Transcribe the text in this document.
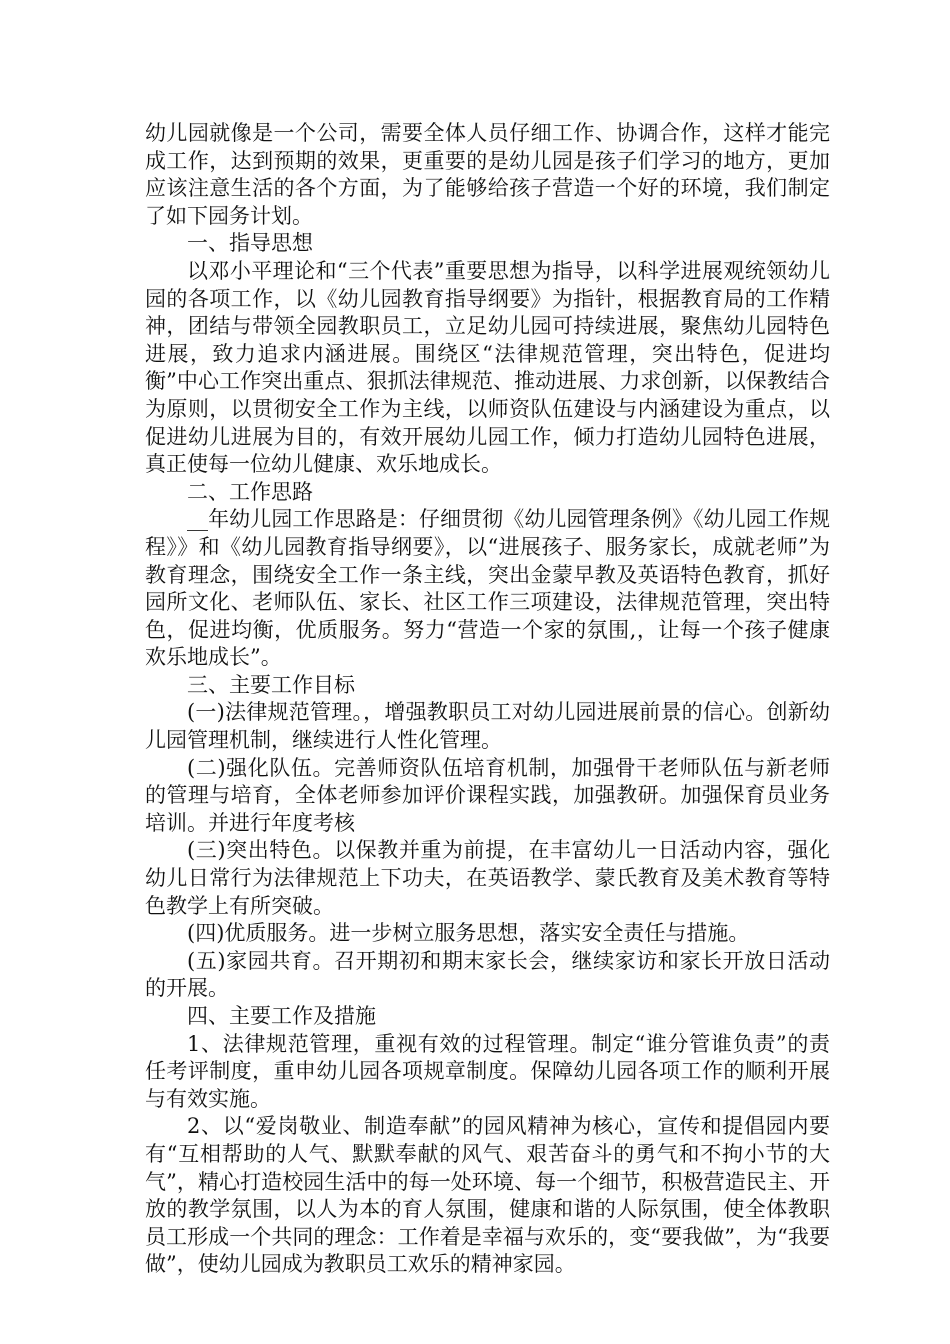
幼儿园就像是一个公司，需要全体人员仔细工作、协调合作，这样才能完成工作，达到预期的效果，更重要的是幼儿园是孩子们学习的地方，更加应该注意生活的各个方面，为了能够给孩子营造一个好的环境，我们制定了如下园务计划。

一、指导思想

以邓小平理论和“三个代表”重要思想为指导，以科学进展观统领幼儿园的各项工作，以《幼儿园教育指导纲要》为指针，根据教育局的工作精神，团结与带领全园教职员工，立足幼儿园可持续进展，聚焦幼儿园特色进展，致力追求内涵进展。围绕区“法律规范管理，突出特色，促进均衡”中心工作突出重点、狠抓法律规范、推动进展、力求创新，以保教结合为原则，以贯彻安全工作为主线，以师资队伍建设与内涵建设为重点，以促进幼儿进展为目的，有效开展幼儿园工作，倾力打造幼儿园特色进展，真正使每一位幼儿健康、欢乐地成长。

二、工作思路

__年幼儿园工作思路是：仔细贯彻《幼儿园管理条例》《幼儿园工作规程》》和《幼儿园教育指导纲要》，以“进展孩子、服务家长，成就老师”为教育理念，围绕安全工作一条主线，突出金蒙早教及英语特色教育，抓好园所文化、老师队伍、家长、社区工作三项建设，法律规范管理，突出特色，促进均衡，优质服务。努力“营造一个家的氛围,，让每一个孩子健康欢乐地成长”。

三、主要工作目标

(一)法律规范管理。，增强教职员工对幼儿园进展前景的信心。创新幼儿园管理机制，继续进行人性化管理。

(二)强化队伍。完善师资队伍培育机制，加强骨干老师队伍与新老师的管理与培育，全体老师参加评价课程实践，加强教研。加强保育员业务培训。并进行年度考核

(三)突出特色。以保教并重为前提，在丰富幼儿一日活动内容，强化幼儿日常行为法律规范上下功夫，在英语教学、蒙氏教育及美术教育等特色教学上有所突破。

(四)优质服务。进一步树立服务思想，落实安全责任与措施。

(五)家园共育。召开期初和期末家长会，继续家访和家长开放日活动的开展。

四、主要工作及措施

1、法律规范管理，重视有效的过程管理。制定“谁分管谁负责”的责任考评制度，重申幼儿园各项规章制度。保障幼儿园各项工作的顺利开展与有效实施。

2、以“爱岗敬业、制造奉献”的园风精神为核心，宣传和提倡园内要有“互相帮助的人气、默默奉献的风气、艰苦奋斗的勇气和不拘小节的大气”，精心打造校园生活中的每一处环境、每一个细节，积极营造民主、开放的教学氛围，以人为本的育人氛围，健康和谐的人际氛围，使全体教职员工形成一个共同的理念：工作着是幸福与欢乐的，变“要我做”，为“我要做”，使幼儿园成为教职员工欢乐的精神家园。
